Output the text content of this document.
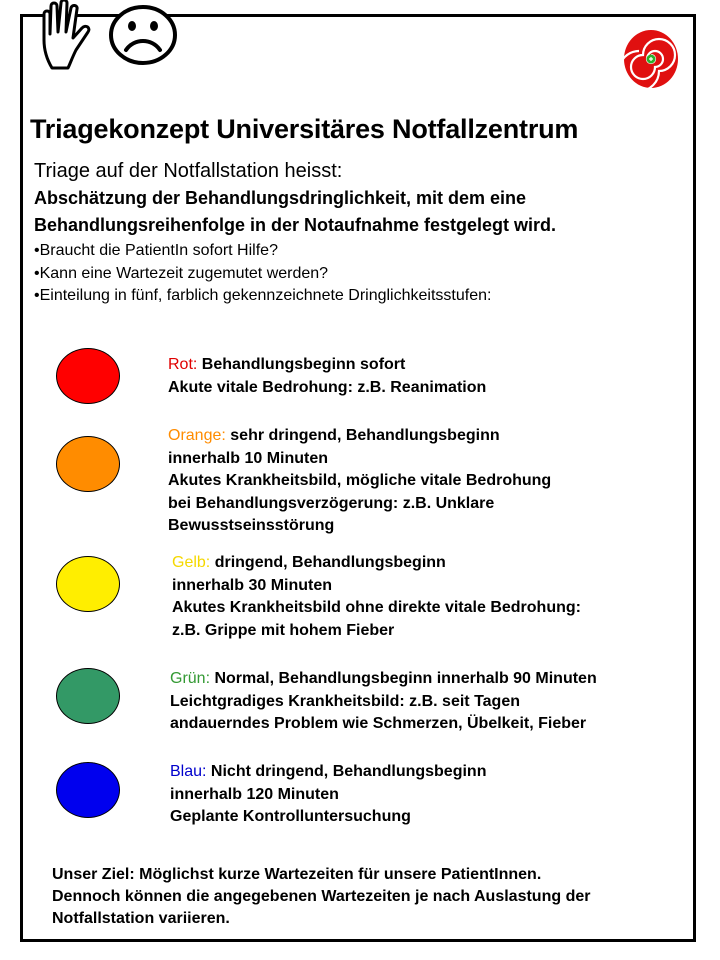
Triagekonzept Universitäres Notfallzentrum
Triage auf der Notfallstation heisst:
Abschätzung der Behandlungsdringlichkeit, mit dem eine Behandlungsreihenfolge in der Notaufnahme festgelegt wird.
• Braucht die PatientIn sofort Hilfe?
• Kann eine Wartezeit zugemutet werden?
• Einteilung in fünf, farblich gekennzeichnete Dringlichkeitsstufen:
Rot: Behandlungsbeginn sofort
Akute vitale Bedrohung: z.B. Reanimation
Orange: sehr dringend, Behandlungsbeginn
innerhalb 10 Minuten
Akutes Krankheitsbild, mögliche vitale Bedrohung
bei Behandlungsverzögerung: z.B. Unklare
Bewusstseinsstörung
Gelb: dringend, Behandlungsbeginn
innerhalb 30 Minuten
Akutes Krankheitsbild ohne direkte vitale Bedrohung:
z.B. Grippe mit hohem Fieber
Grün: Normal, Behandlungsbeginn innerhalb 90 Minuten
Leichtgradiges Krankheitsbild: z.B. seit Tagen
andauerndes Problem wie Schmerzen, Übelkeit, Fieber
Blau: Nicht dringend, Behandlungsbeginn
innerhalb 120 Minuten
Geplante Kontrolluntersuchung
Unser Ziel: Möglichst kurze Wartezeiten für unsere PatientInnen.
Dennoch können die angegebenen Wartezeiten je nach Auslastung der
Notfallstation variieren.
